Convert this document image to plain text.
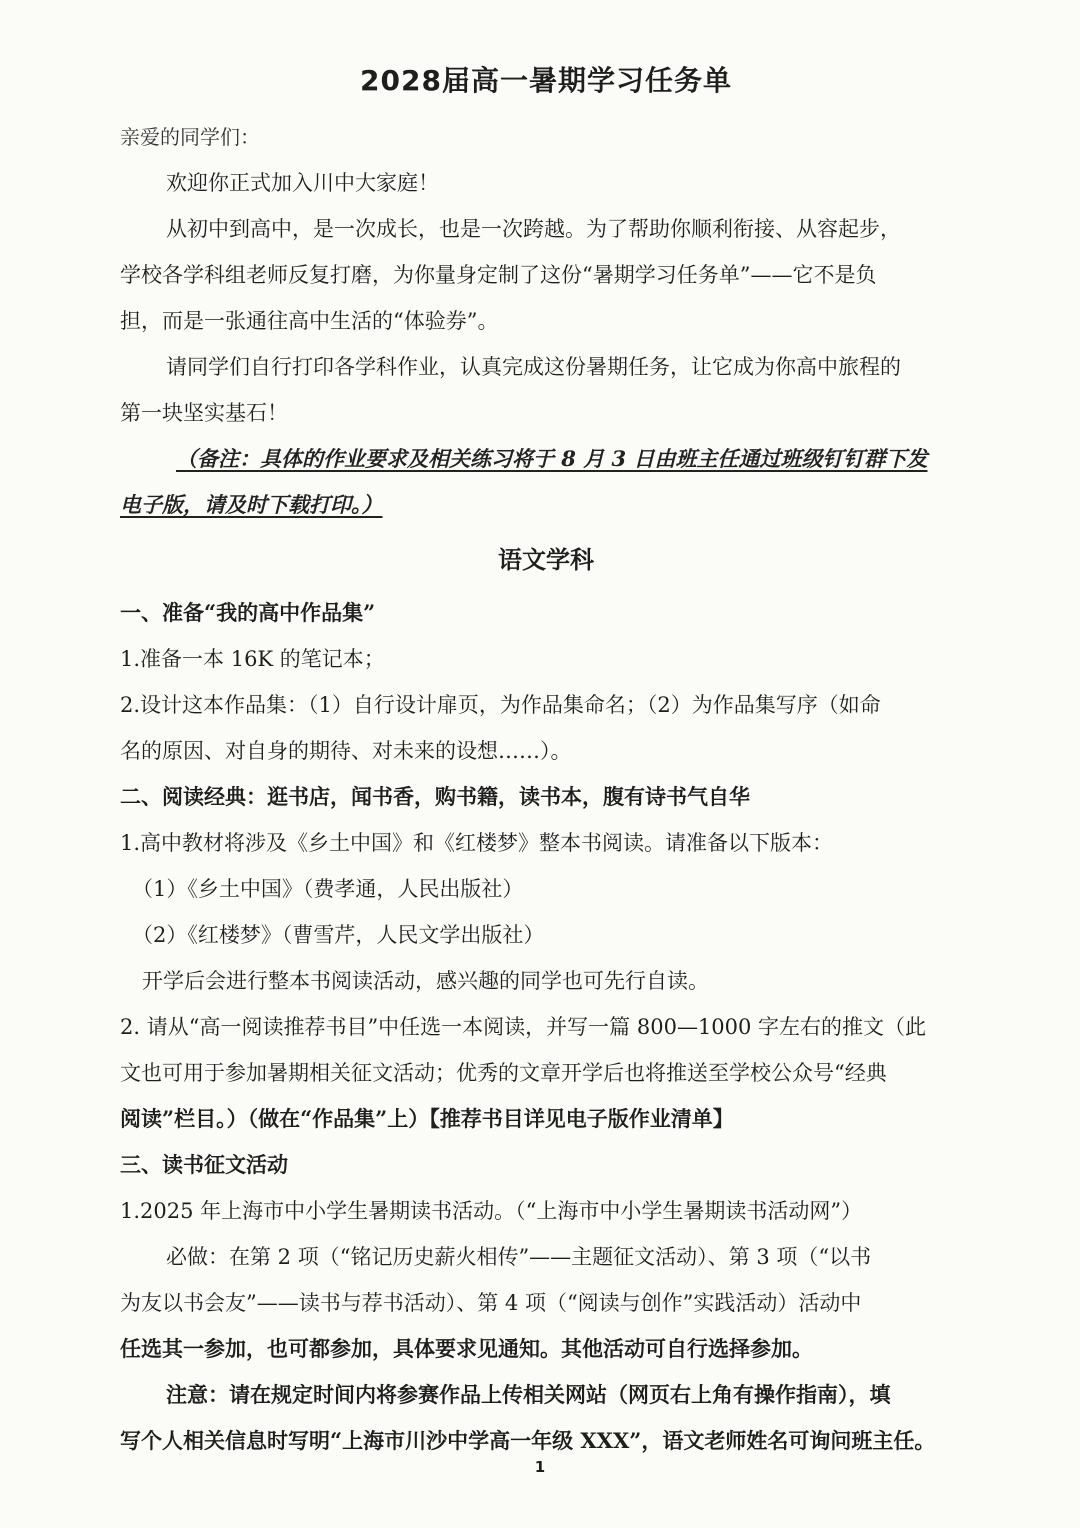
2028届高一暑期学习任务单
亲爱的同学们：
欢迎你正式加入川中大家庭！
从初中到高中，是一次成长，也是一次跨越。为了帮助你顺利衔接、从容起步，
学校各学科组老师反复打磨，为你量身定制了这份“暑期学习任务单”——它不是负
担，而是一张通往高中生活的“体验券”。
请同学们自行打印各学科作业，认真完成这份暑期任务，让它成为你高中旅程的
第一块坚实基石！
（备注：具体的作业要求及相关练习将于 8 月 3 日由班主任通过班级钉钉群下发
电子版，请及时下载打印。）
语文学科
一、准备“我的高中作品集”
1.准备一本 16K 的笔记本；
2.设计这本作品集：（1）自行设计扉页，为作品集命名；（2）为作品集写序（如命
名的原因、对自身的期待、对未来的设想……）。
二、阅读经典：逛书店，闻书香，购书籍，读书本，腹有诗书气自华
1.高中教材将涉及《乡土中国》和《红楼梦》整本书阅读。请准备以下版本：
（1）《乡土中国》（费孝通，人民出版社）
（2）《红楼梦》（曹雪芹，人民文学出版社）
开学后会进行整本书阅读活动，感兴趣的同学也可先行自读。
2. 请从“高一阅读推荐书目”中任选一本阅读，并写一篇 800—1000 字左右的推文（此
文也可用于参加暑期相关征文活动；优秀的文章开学后也将推送至学校公众号“经典
阅读”栏目。）（做在“作品集”上）【推荐书目详见电子版作业清单】
三、读书征文活动
1.2025 年上海市中小学生暑期读书活动。（“上海市中小学生暑期读书活动网”）
必做：在第 2 项（“铭记历史薪火相传”——主题征文活动）、第 3 项（“以书
为友以书会友”——读书与荐书活动）、第 4 项（“阅读与创作”实践活动）活动中
任选其一参加，也可都参加，具体要求见通知。其他活动可自行选择参加。
注意：请在规定时间内将参赛作品上传相关网站（网页右上角有操作指南），填
写个人相关信息时写明“上海市川沙中学高一年级 XXX”，语文老师姓名可询问班主任。
1
